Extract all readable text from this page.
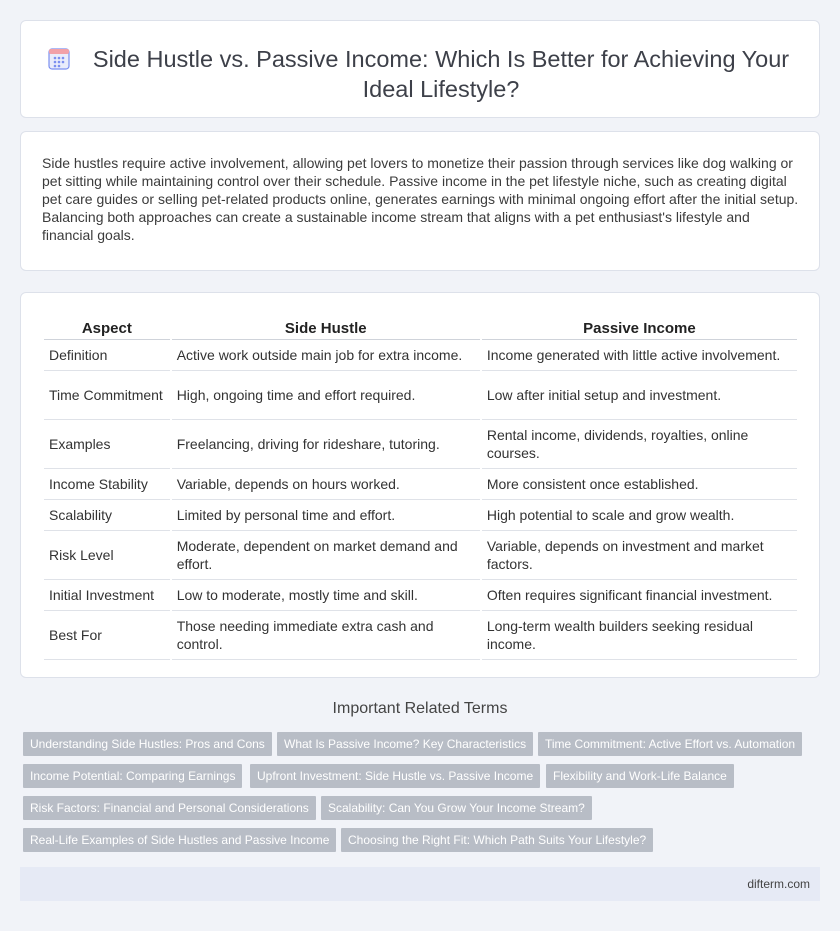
Side Hustle vs. Passive Income: Which Is Better for Achieving Your Ideal Lifestyle?

Side hustles require active involvement, allowing pet lovers to monetize their passion through services like dog walking or pet sitting while maintaining control over their schedule. Passive income in the pet lifestyle niche, such as creating digital pet care guides or selling pet-related products online, generates earnings with minimal ongoing effort after the initial setup. Balancing both approaches can create a sustainable income stream that aligns with a pet enthusiast's lifestyle and financial goals.

Aspect	Side Hustle	Passive Income
Definition	Active work outside main job for extra income.	Income generated with little active involvement.
Time Commitment	High, ongoing time and effort required.	Low after initial setup and investment.
Examples	Freelancing, driving for rideshare, tutoring.	Rental income, dividends, royalties, online courses.
Income Stability	Variable, depends on hours worked.	More consistent once established.
Scalability	Limited by personal time and effort.	High potential to scale and grow wealth.
Risk Level	Moderate, dependent on market demand and effort.	Variable, depends on investment and market factors.
Initial Investment	Low to moderate, mostly time and skill.	Often requires significant financial investment.
Best For	Those needing immediate extra cash and control.	Long-term wealth builders seeking residual income.
Important Related Terms
Understanding Side Hustles: Pros and Cons	What Is Passive Income? Key Characteristics	Time Commitment: Active Effort vs. Automation
Income Potential: Comparing Earnings	Upfront Investment: Side Hustle vs. Passive Income	Flexibility and Work-Life Balance
Risk Factors: Financial and Personal Considerations	Scalability: Can You Grow Your Income Stream?
Real-Life Examples of Side Hustles and Passive Income	Choosing the Right Fit: Which Path Suits Your Lifestyle?
difterm.com
